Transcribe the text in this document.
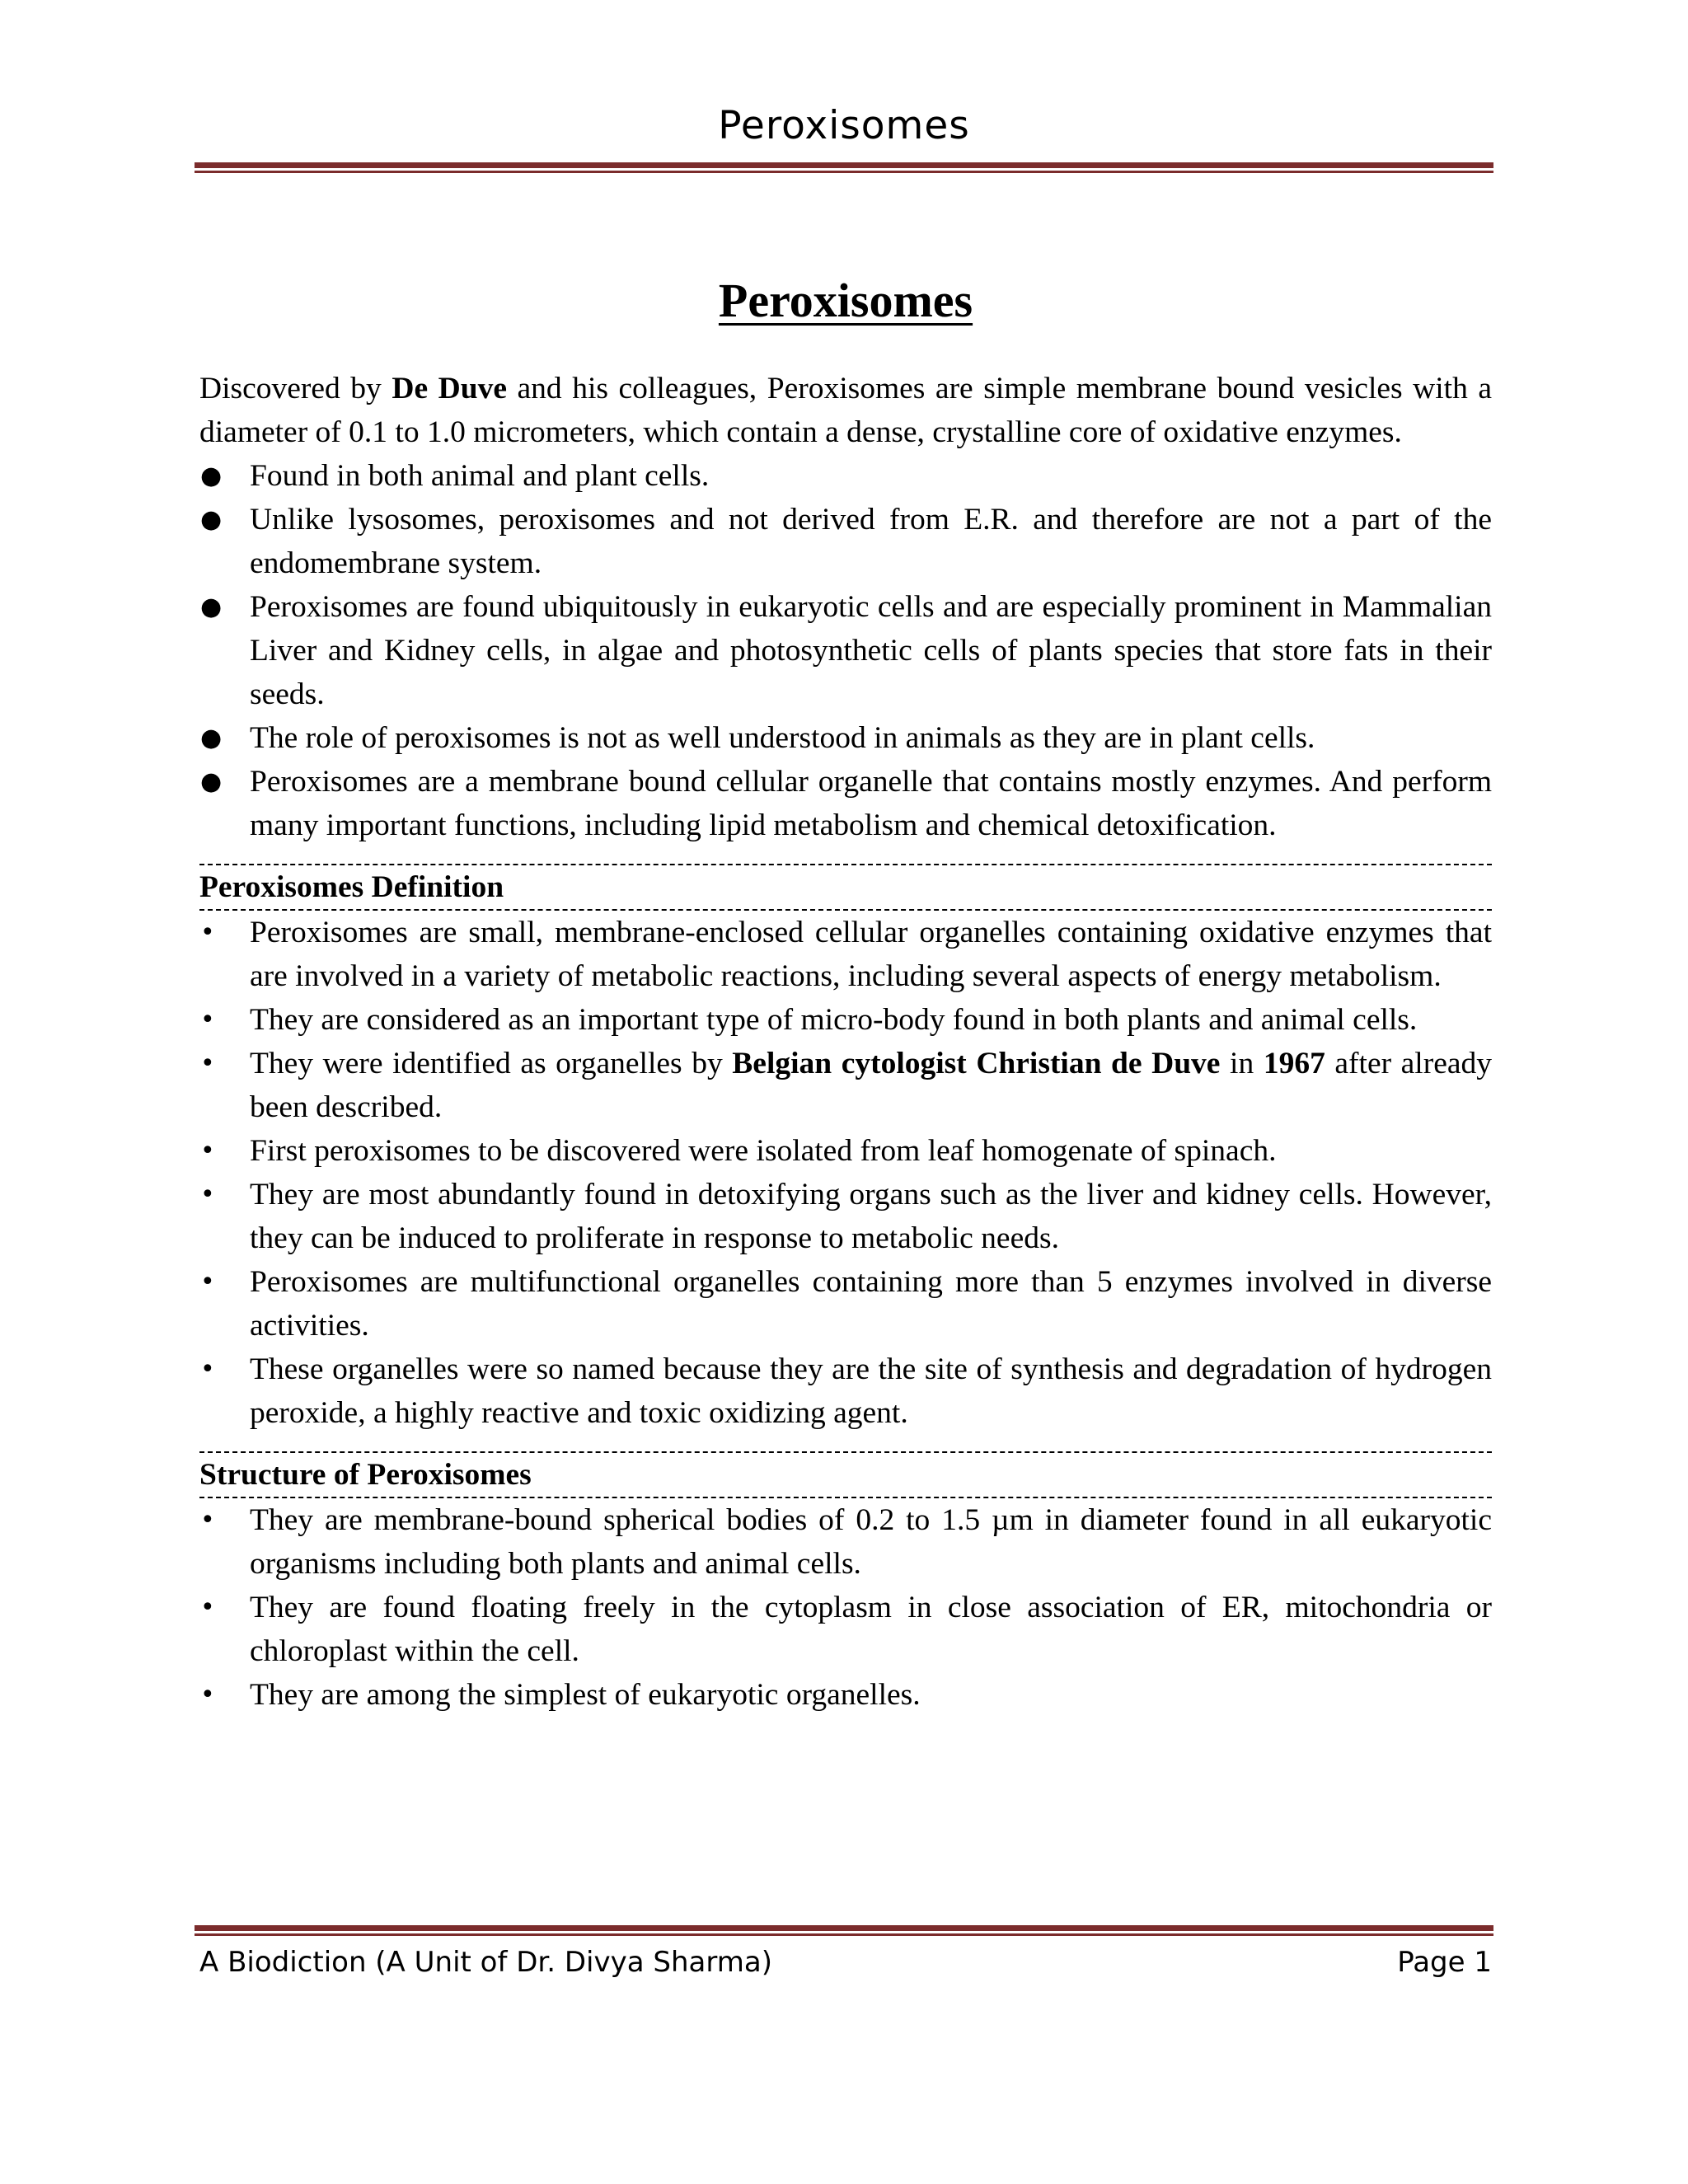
Peroxisomes
Peroxisomes

Discovered by De Duve and his colleagues, Peroxisomes are simple membrane bound vesicles with a diameter of 0.1 to 1.0 micrometers, which contain a dense, crystalline core of oxidative enzymes.

● Found in both animal and plant cells.
● Unlike lysosomes, peroxisomes and not derived from E.R. and therefore are not a part of the endomembrane system.
● Peroxisomes are found ubiquitously in eukaryotic cells and are especially prominent in Mammalian Liver and Kidney cells, in algae and photosynthetic cells of plants species that store fats in their seeds.
● The role of peroxisomes is not as well understood in animals as they are in plant cells.
● Peroxisomes are a membrane bound cellular organelle that contains mostly enzymes. And perform many important functions, including lipid metabolism and chemical detoxification.
Peroxisomes Definition
• Peroxisomes are small, membrane-enclosed cellular organelles containing oxidative enzymes that are involved in a variety of metabolic reactions, including several aspects of energy metabolism.
• They are considered as an important type of micro-body found in both plants and animal cells.
• They were identified as organelles by Belgian cytologist Christian de Duve in 1967 after already been described.
• First peroxisomes to be discovered were isolated from leaf homogenate of spinach.
• They are most abundantly found in detoxifying organs such as the liver and kidney cells. However, they can be induced to proliferate in response to metabolic needs.
• Peroxisomes are multifunctional organelles containing more than 5 enzymes involved in diverse activities.
• These organelles were so named because they are the site of synthesis and degradation of hydrogen peroxide, a highly reactive and toxic oxidizing agent.
Structure of Peroxisomes
• They are membrane-bound spherical bodies of 0.2 to 1.5 µm in diameter found in all eukaryotic organisms including both plants and animal cells.
• They are found floating freely in the cytoplasm in close association of ER, mitochondria or chloroplast within the cell.
• They are among the simplest of eukaryotic organelles.
A Biodiction (A Unit of Dr. Divya Sharma)	Page 1
